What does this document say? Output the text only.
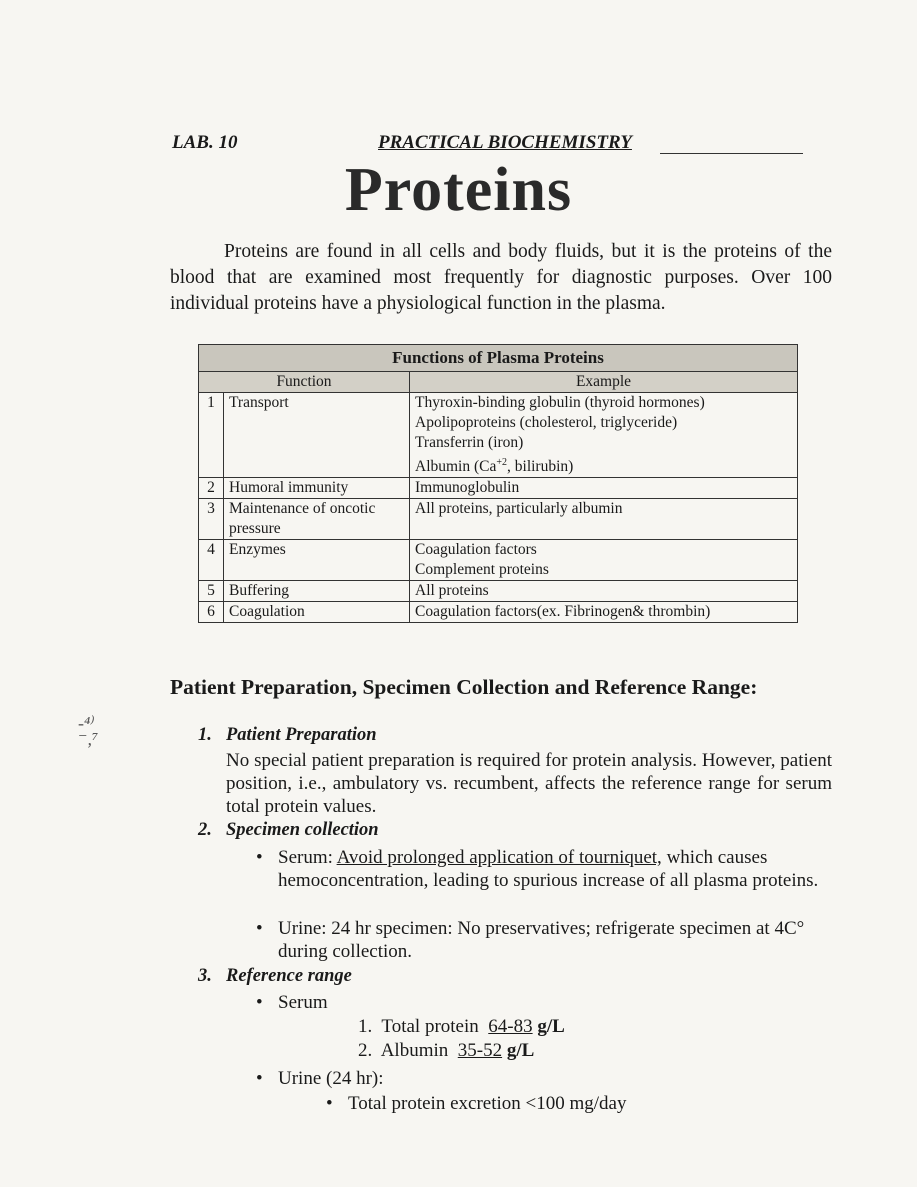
LAB. 10	PRACTICAL BIOCHEMISTRY
Proteins

Proteins are found in all cells and body fluids, but it is the proteins of the blood that are examined most frequently for diagnostic purposes. Over 100 individual proteins have a physiological function in the plasma.

Functions of Plasma Proteins		
Function		Example
1	Transport	Thyroxin-binding globulin (thyroid hormones)
Apolipoproteins (cholesterol, triglyceride)
Transferrin (iron)
Albumin ($Ca^{+2}$, bilirubin)

2	Humoral immunity	Immunoglobulin

3	Maintenance of oncotic pressure	All proteins, particularly albumin

4	Enzymes	Coagulation factors
Complement proteins

5	Buffering	All proteins

6	Coagulation	Coagulation factors(ex. Fibrinogen& thrombin)
Patient Preparation, Specimen Collection and Reference Range:
-⁴⁾
⁻,⁷	1. Patient Preparation
No special patient preparation is required for protein analysis. However, patient position, i.e., ambulatory vs. recumbent, affects the reference range for serum total protein values.
2. Specimen collection
• Serum: Avoid prolonged application of tourniquet, which causes hemoconcentration, leading to spurious increase of all plasma proteins.
• Urine: 24 hr specimen: No preservatives; refrigerate specimen at 4C° during collection.
3. Reference range
• Serum
1. Total protein 64-83 g/L
2. Albumin 35-52 g/L
• Urine (24 hr):
• Total protein excretion <100 mg/day
